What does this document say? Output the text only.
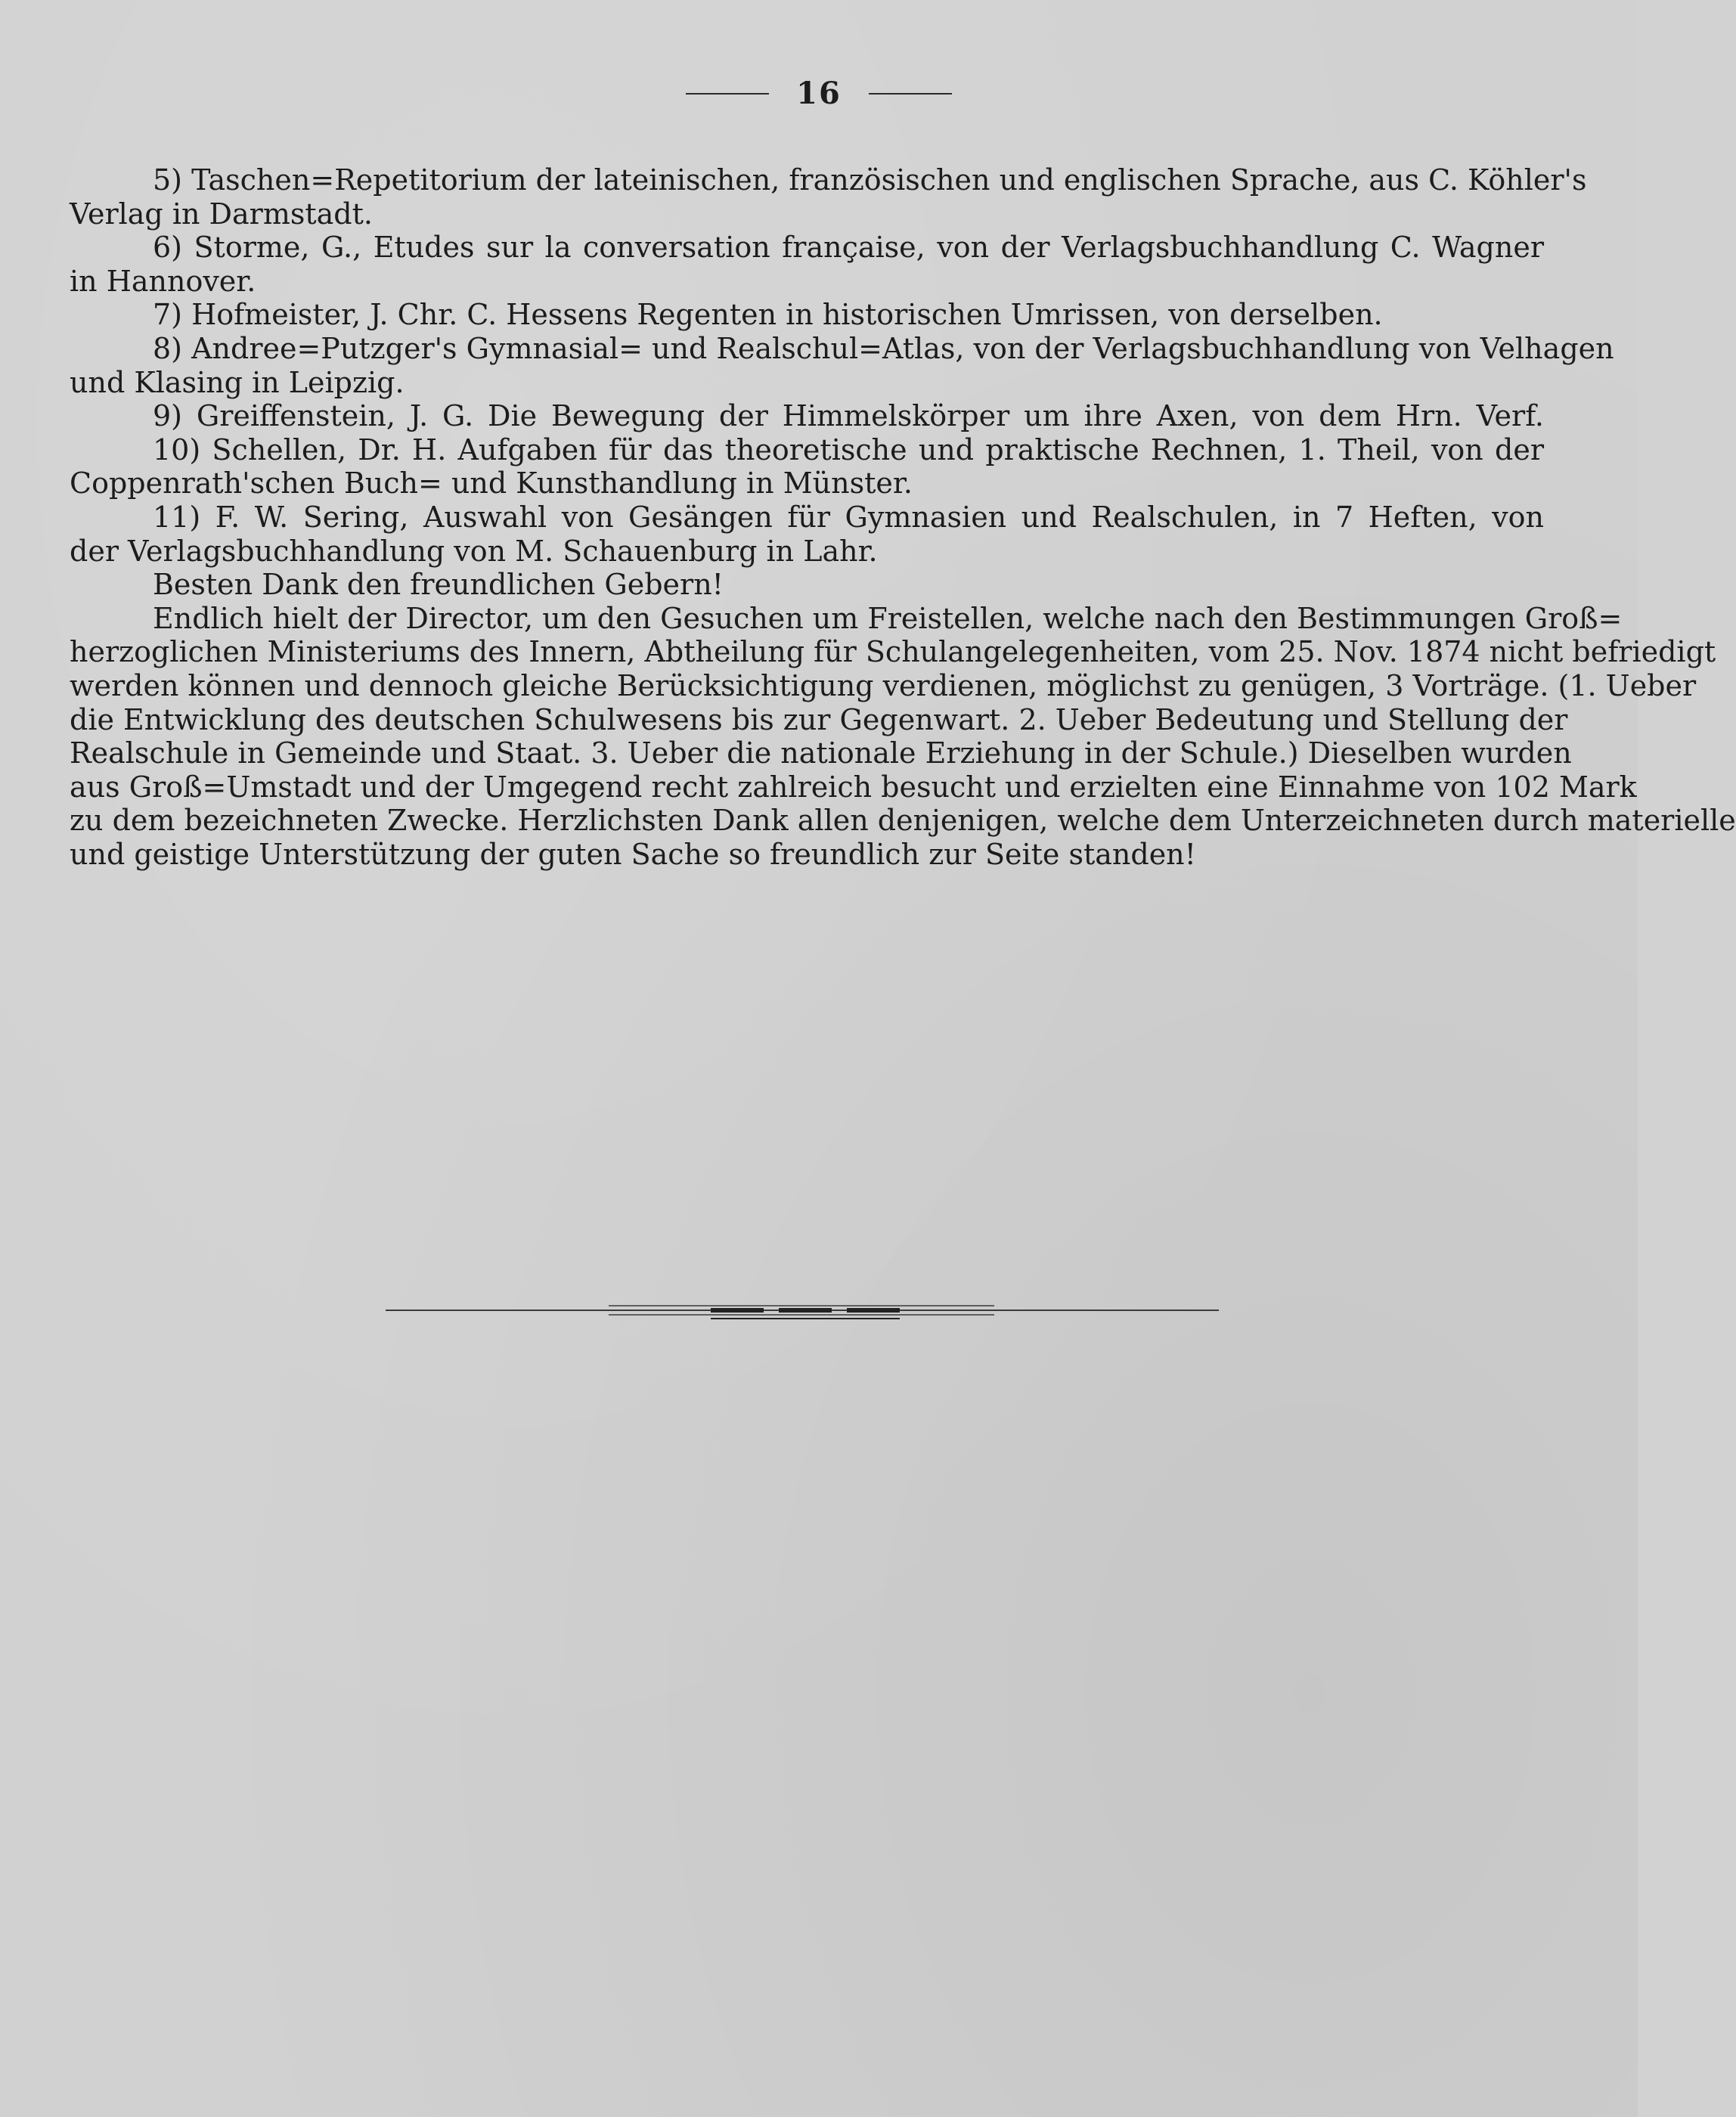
16
5) Taschen=Repetitorium der lateinischen, französischen und englischen Sprache, aus C. Köhler's
Verlag in Darmstadt.
6) Storme, G., Etudes sur la conversation française, von der Verlagsbuchhandlung C. Wagner
in Hannover.
7) Hofmeister, J. Chr. C. Hessens Regenten in historischen Umrissen, von derselben.
8) Andree=Putzger's Gymnasial= und Realschul=Atlas, von der Verlagsbuchhandlung von Velhagen
und Klasing in Leipzig.
9) Greiffenstein, J. G. Die Bewegung der Himmelskörper um ihre Axen, von dem Hrn. Verf.
10) Schellen, Dr. H. Aufgaben für das theoretische und praktische Rechnen, 1. Theil, von der
Coppenrath'schen Buch= und Kunsthandlung in Münster.
11) F. W. Sering, Auswahl von Gesängen für Gymnasien und Realschulen, in 7 Heften, von
der Verlagsbuchhandlung von M. Schauenburg in Lahr.
Besten Dank den freundlichen Gebern!
Endlich hielt der Director, um den Gesuchen um Freistellen, welche nach den Bestimmungen Groß=
herzoglichen Ministeriums des Innern, Abtheilung für Schulangelegenheiten, vom 25. Nov. 1874 nicht befriedigt
werden können und dennoch gleiche Berücksichtigung verdienen, möglichst zu genügen, 3 Vorträge. (1. Ueber
die Entwicklung des deutschen Schulwesens bis zur Gegenwart. 2. Ueber Bedeutung und Stellung der
Realschule in Gemeinde und Staat. 3. Ueber die nationale Erziehung in der Schule.) Dieselben wurden
aus Groß=Umstadt und der Umgegend recht zahlreich besucht und erzielten eine Einnahme von 102 Mark
zu dem bezeichneten Zwecke. Herzlichsten Dank allen denjenigen, welche dem Unterzeichneten durch materielle
und geistige Unterstützung der guten Sache so freundlich zur Seite standen!
